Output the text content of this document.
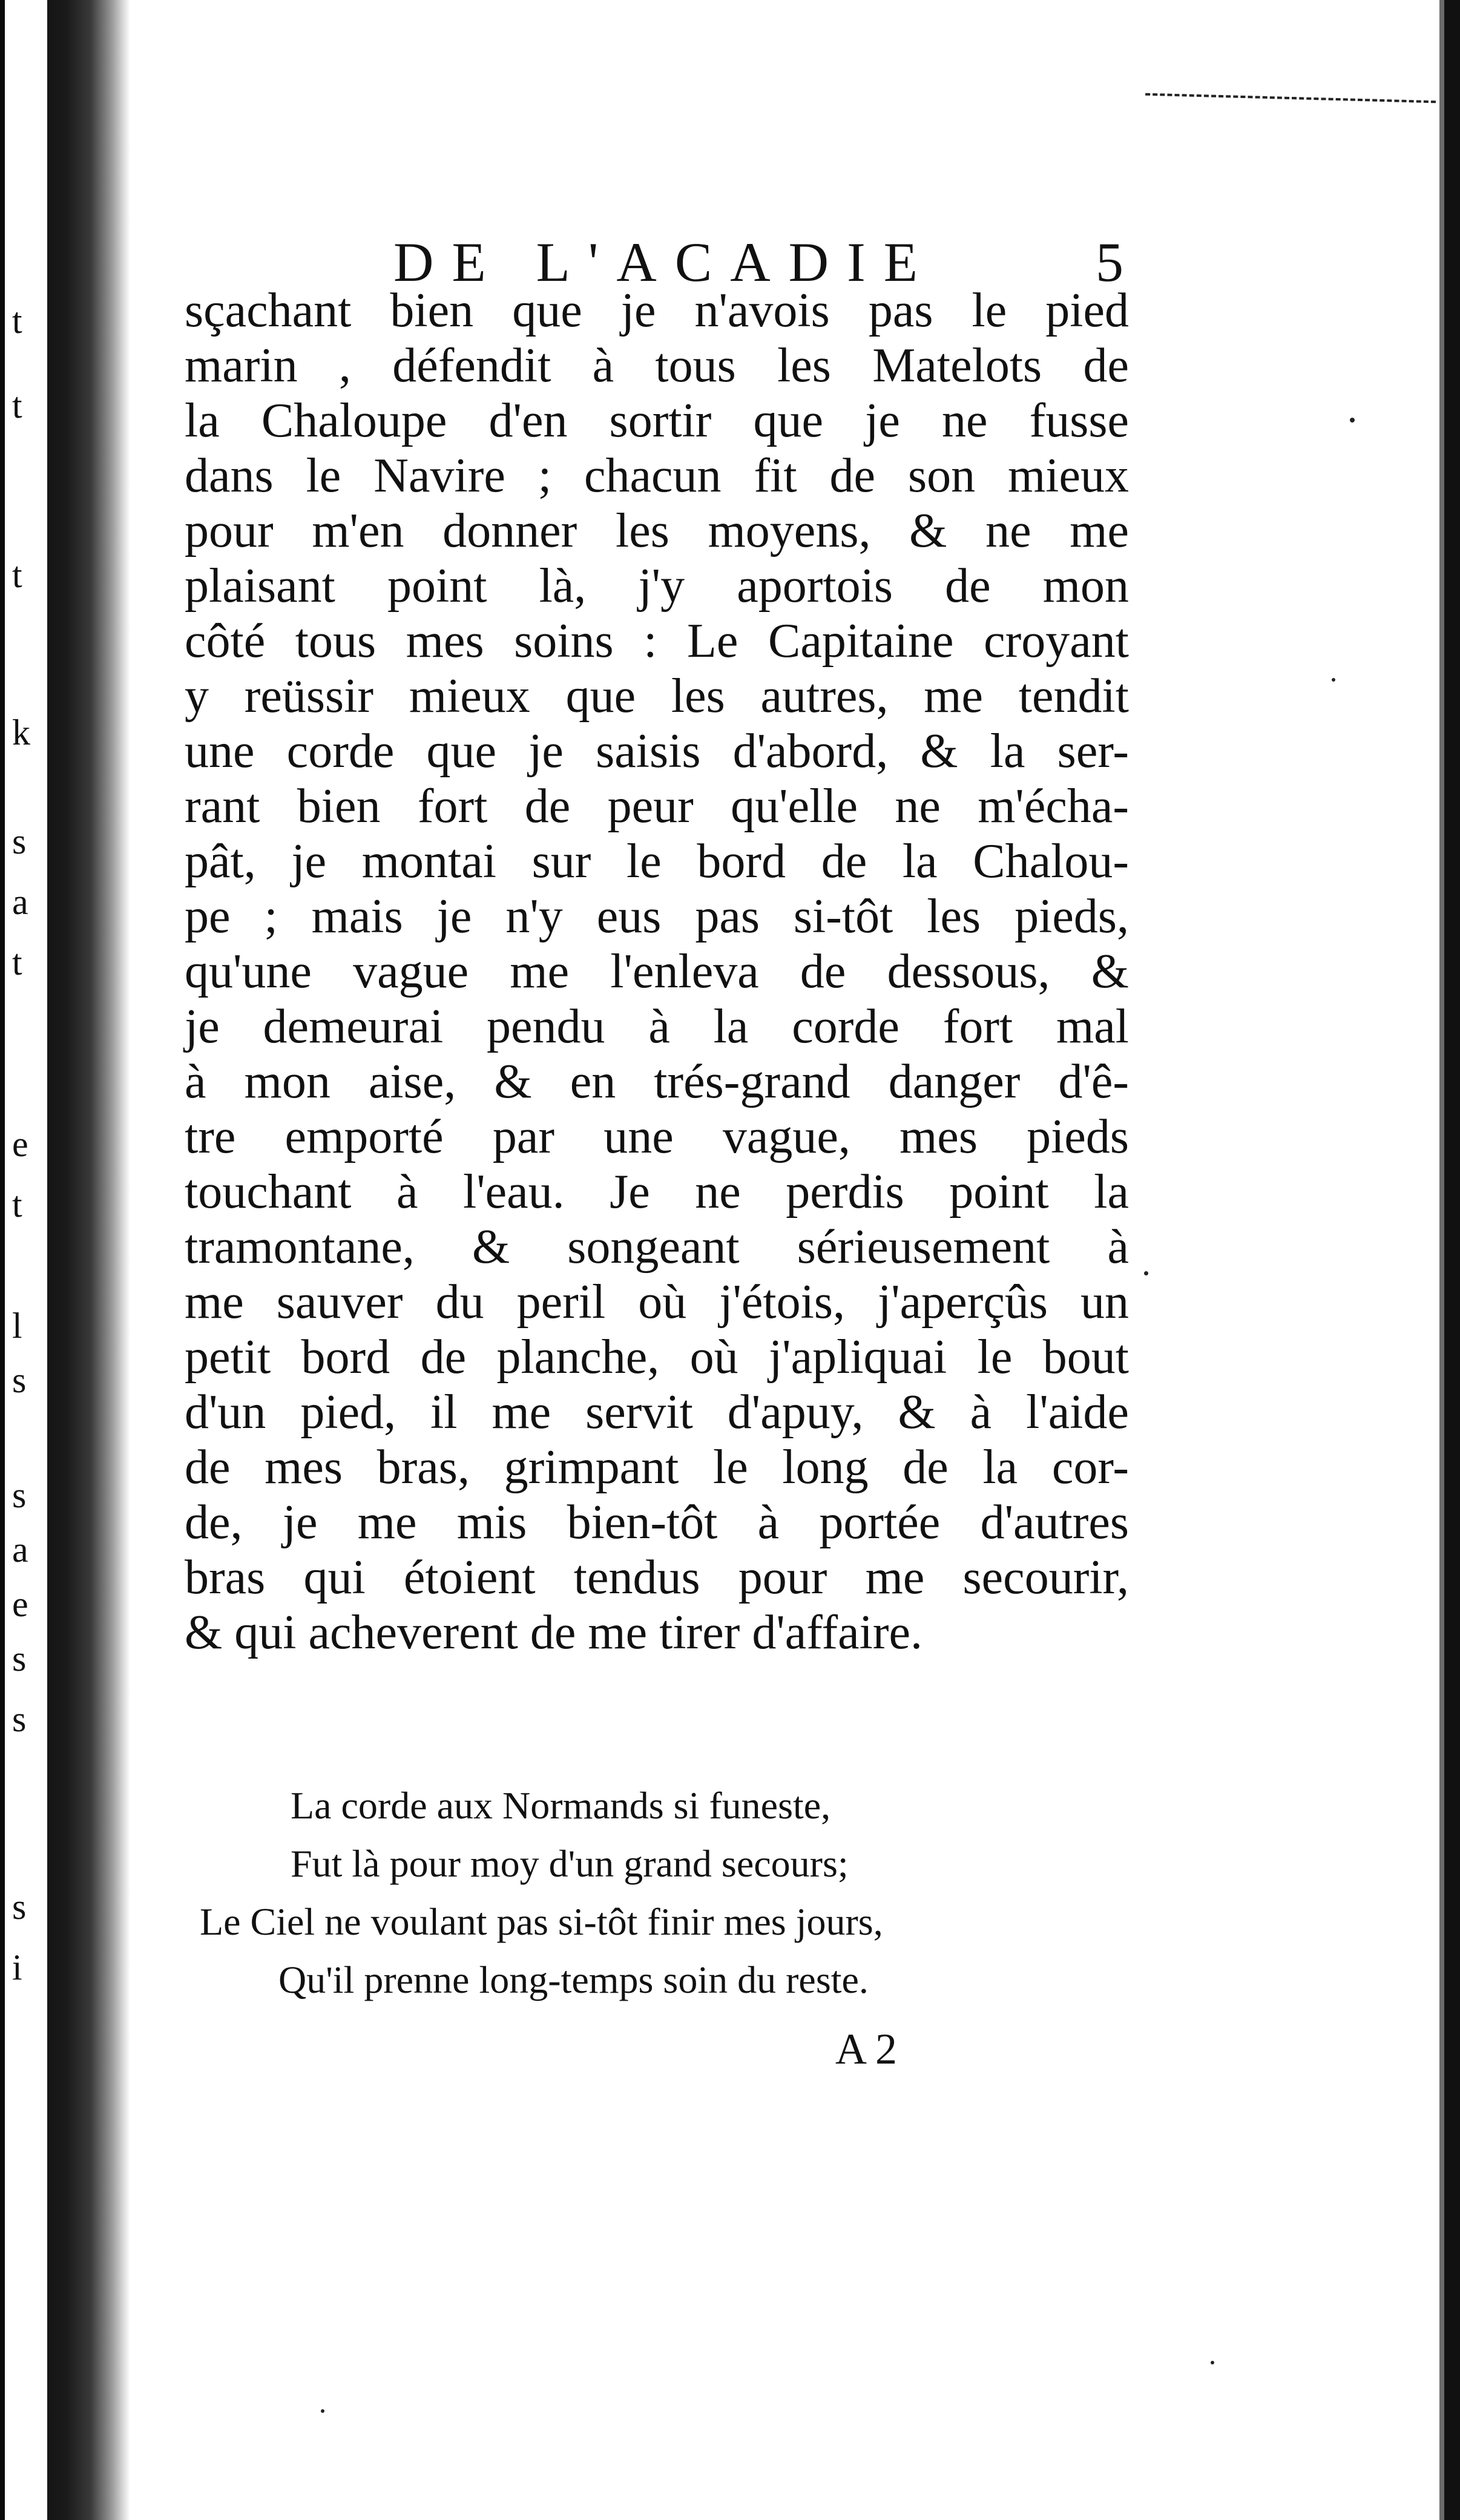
t
t
t
k
s
a
t
e
t
l
s
s
a
e
s
s
s
i
DE L'ACADIE	5
sçachant bien que je n'avois pas le pied
marin , défendit à tous les Matelots de
la Chaloupe d'en sortir que je ne fusse
dans le Navire ; chacun fit de son mieux
pour m'en donner les moyens, & ne me
plaisant point là, j'y aportois de mon
côté tous mes soins : Le Capitaine croyant
y reüssir mieux que les autres, me tendit
une corde que je saisis d'abord, & la ser-
rant bien fort de peur qu'elle ne m'écha-
pât, je montai sur le bord de la Chalou-
pe ; mais je n'y eus pas si-tôt les pieds,
qu'une vague me l'enleva de dessous, &
je demeurai pendu à la corde fort mal
à mon aise, & en trés-grand danger d'ê-
tre emporté par une vague, mes pieds
touchant à l'eau. Je ne perdis point la
tramontane, & songeant sérieusement à
me sauver du peril où j'étois, j'aperçûs un
petit bord de planche, où j'apliquai le bout
d'un pied, il me servit d'apuy, & à l'aide
de mes bras, grimpant le long de la cor-
de, je me mis bien-tôt à portée d'autres
bras qui étoient tendus pour me secourir,
& qui acheverent de me tirer d'affaire.
La corde aux Normands si funeste,
Fut là pour moy d'un grand secours;
Le Ciel ne voulant pas si-tôt finir mes jours,
Qu'il prenne long-temps soin du reste.
A 2
